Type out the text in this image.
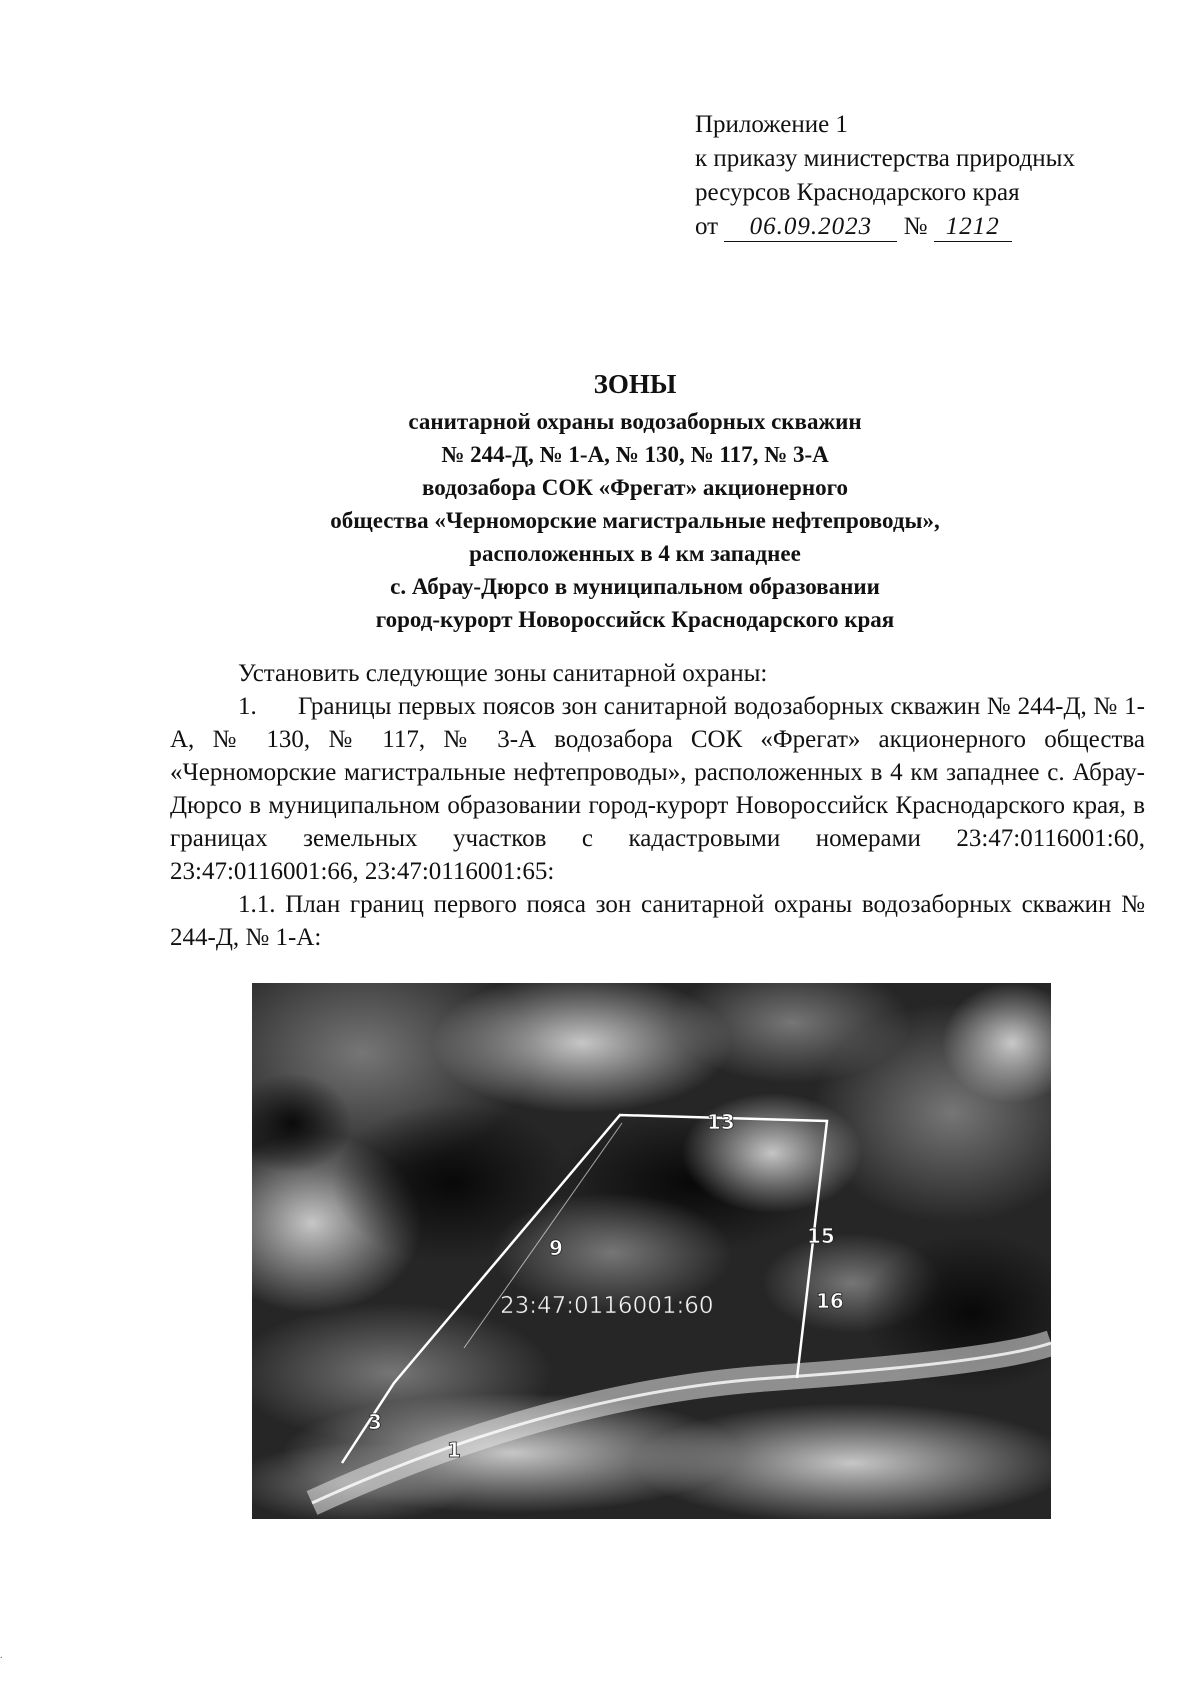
Приложение 1
к приказу министерства природных
ресурсов Краснодарского края
от 06.09.2023 № 1212
ЗОНЫ
санитарной охраны водозаборных скважин
№ 244-Д, № 1-А, № 130, № 117, № 3-А
водозабора СОК «Фрегат» акционерного
общества «Черноморские магистральные нефтепроводы»,
расположенных в 4 км западнее
с. Абрау-Дюрсо в муниципальном образовании
город-курорт Новороссийск Краснодарского края

Установить следующие зоны санитарной охраны:

1. Границы первых поясов зон санитарной водозаборных скважин № 244-Д, № 1-А, № 130, № 117, № 3-А водозабора СОК «Фрегат» акционерного общества «Черноморские магистральные нефтепроводы», расположенных в 4 км западнее с. Абрау-Дюрсо в муниципальном образовании город-курорт Новороссийск Краснодарского края, в границах земельных участков с кадастровыми номерами 23:47:0116001:60, 23:47:0116001:66, 23:47:0116001:65:

1.1. План границ первого пояса зон санитарной охраны водозаборных скважин № 244-Д, № 1-А:

3
1
9
13
15
16
23:47:0116001:60
.
